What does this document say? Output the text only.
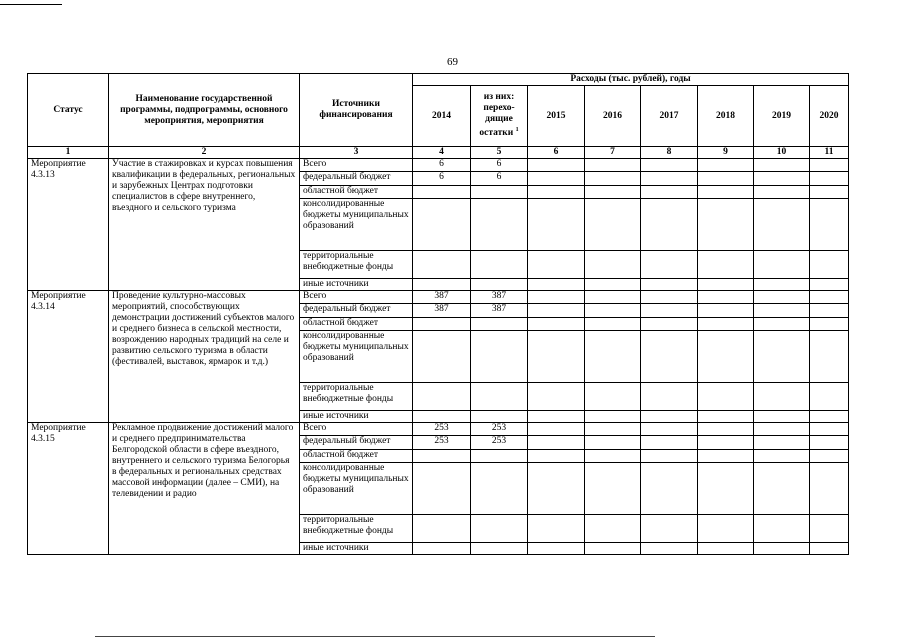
69
Статус	Наименование государственной программы, подпрограммы, основного мероприятия, мероприятия	Источники финансирования	Расходы (тыс. рублей), годы							
			2014	из них: перехо-дящие остатки $^1$	2015	2016	2017	2018	2019	2020
1	2	3	4	5	6	7	8	9	10	11
Мероприятие 4.3.13	Участие в стажировках и курсах повышения квалификации в федеральных, региональных и зарубежных Центрах подготовки специалистов в сфере внутреннего, въездного и сельского туризма	Всего	6	6						
		федеральный бюджет	6	6						
		областной бюджет								
		консолидированные бюджеты муниципальных образований								
		территориальные внебюджетные фонды								
		иные источники								
Мероприятие 4.3.14	Проведение культурно-массовых мероприятий, способствующих демонстрации достижений субъектов малого и среднего бизнеса в сельской местности, возрождению народных традиций на селе и развитию сельского туризма в области (фестивалей, выставок, ярмарок и т.д.)	Всего	387	387						
		федеральный бюджет	387	387						
		областной бюджет								
		консолидированные бюджеты муниципальных образований								
		территориальные внебюджетные фонды								
		иные источники								
Мероприятие 4.3.15	Рекламное продвижение достижений малого и среднего предпринимательства Белгородской области в сфере въездного, внутреннего и сельского туризма Белогорья в федеральных и региональных средствах массовой информации (далее – СМИ), на телевидении и радио	Всего	253	253						
		федеральный бюджет	253	253						
		областной бюджет								
		консолидированные бюджеты муниципальных образований								
		территориальные внебюджетные фонды								
		иные источники								
